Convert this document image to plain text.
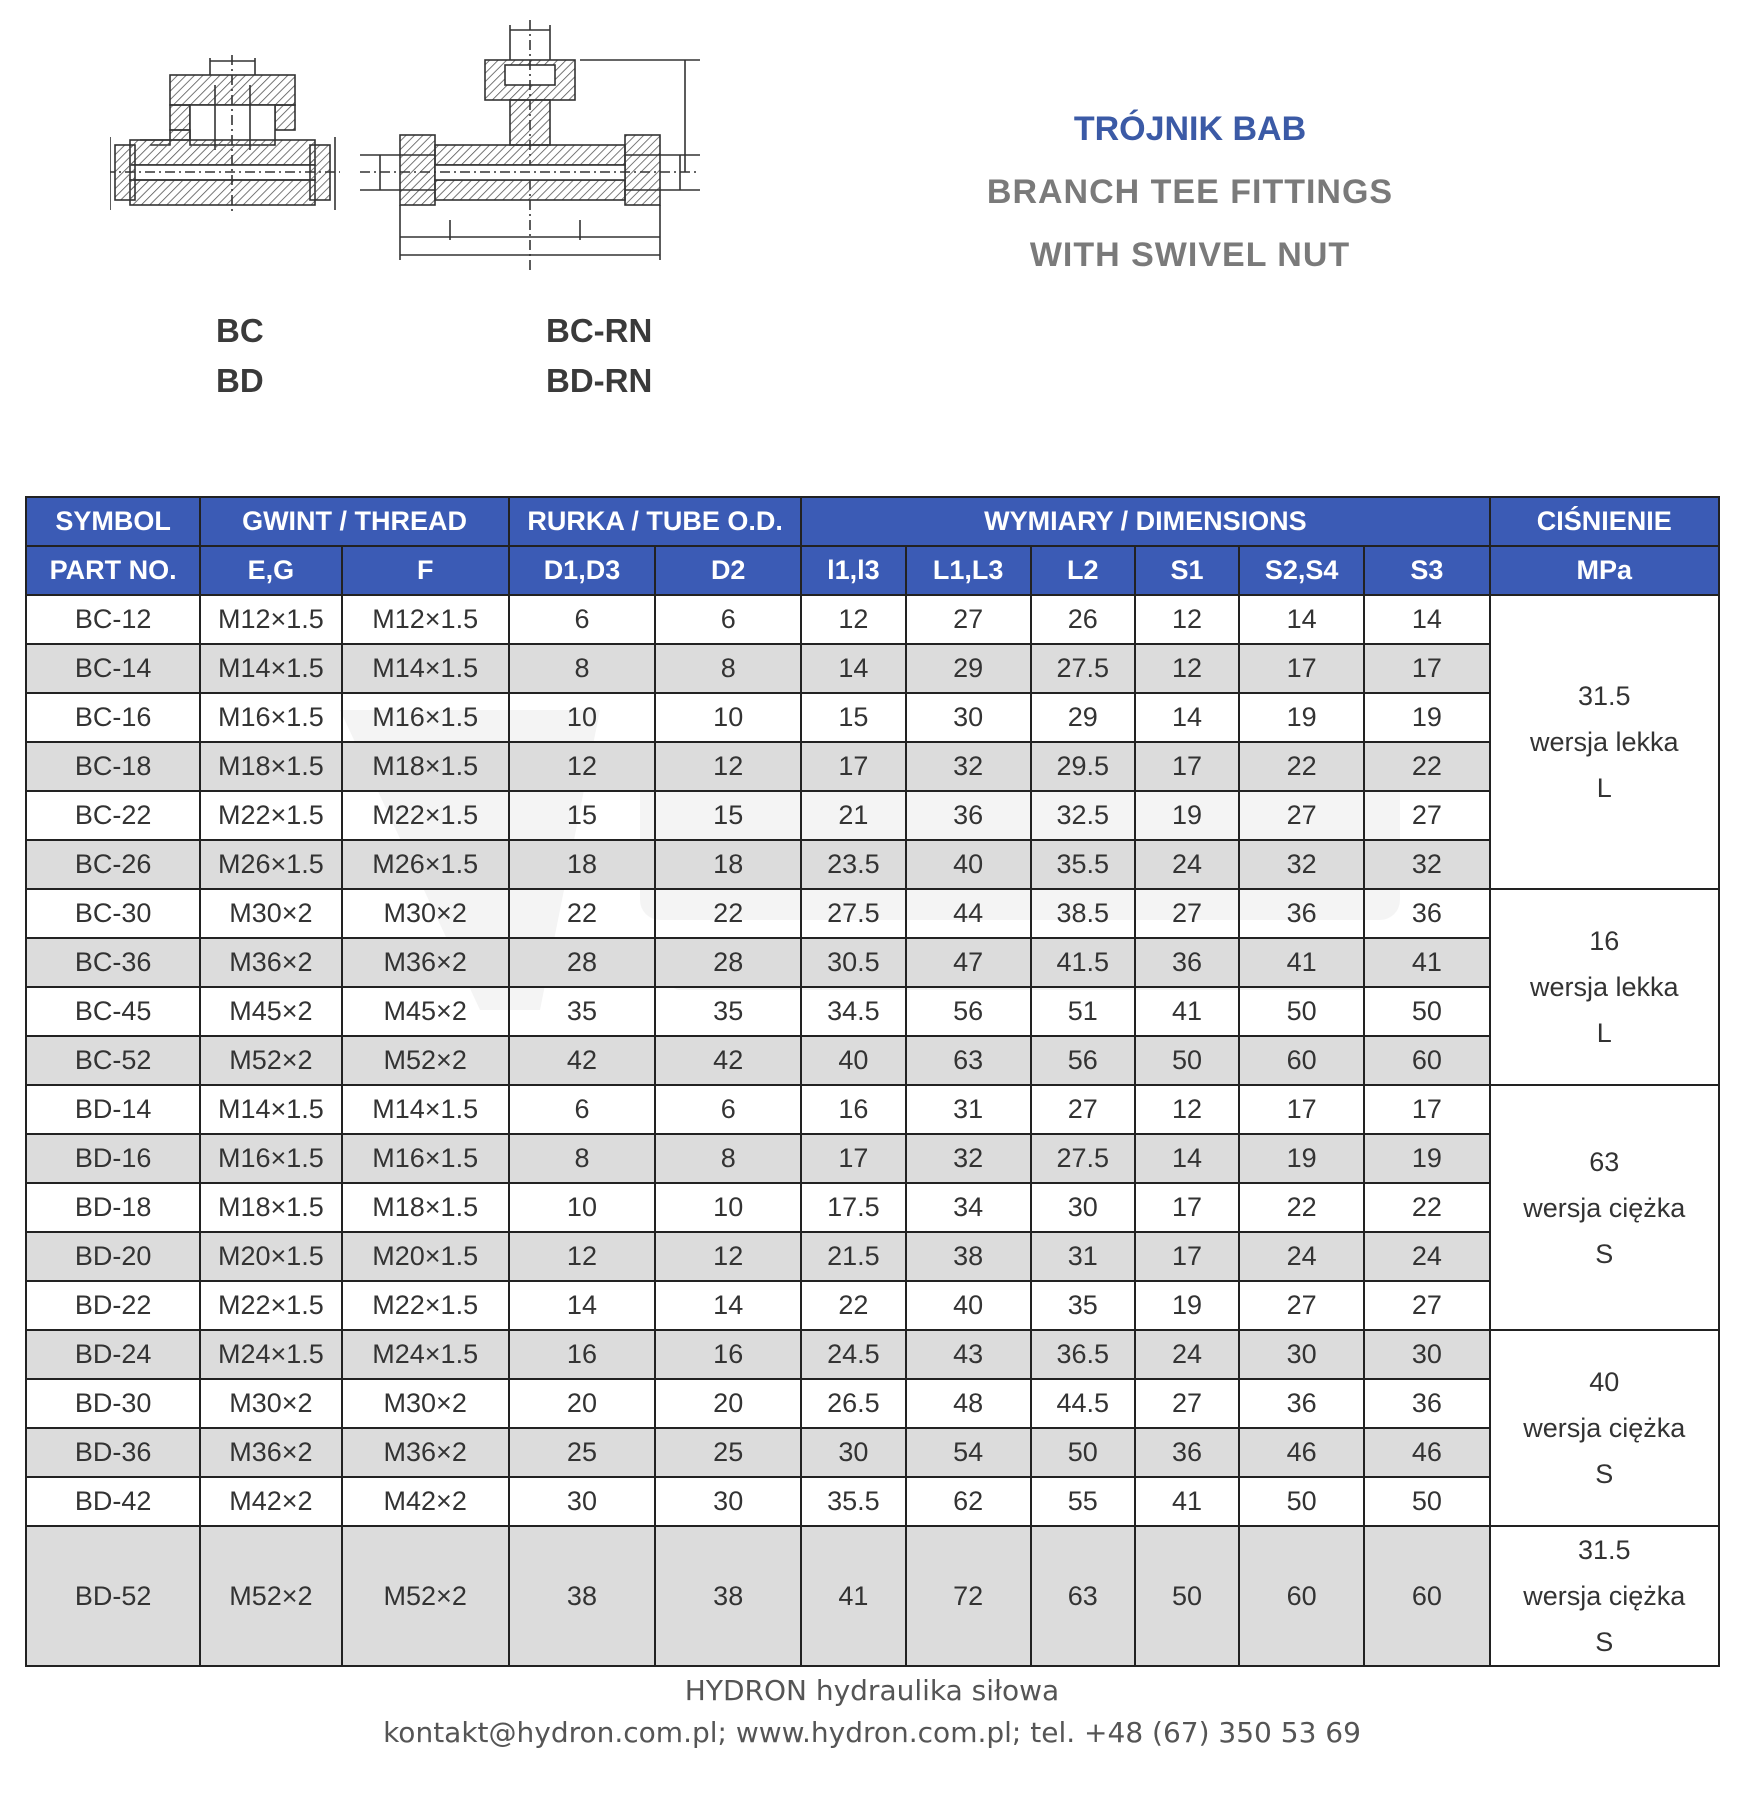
BC
BD
BC-RN
BD-RN
TRÓJNIK BAB
BRANCH TEE FITTINGS
WITH SWIVEL NUT
SYMBOL	GWINT / THREAD		RURKA / TUBE O.D.		WYMIARY / DIMENSIONS						CIŚNIENIE
PART NO.	E,G	F	D1,D3	D2	l1,l3	L1,L3	L2	S1	S2,S4	S3	MPa
BC-12	M12×1.5	M12×1.5	6	6	12	27	26	12	14	14	31.5
wersja lekka
L

BC-14	M14×1.5	M14×1.5	8	8	14	29	27.5	12	17	17	
BC-16	M16×1.5	M16×1.5	10	10	15	30	29	14	19	19	
BC-18	M18×1.5	M18×1.5	12	12	17	32	29.5	17	22	22	
BC-22	M22×1.5	M22×1.5	15	15	21	36	32.5	19	27	27	
BC-26	M26×1.5	M26×1.5	18	18	23.5	40	35.5	24	32	32	
BC-30	M30×2	M30×2	22	22	27.5	44	38.5	27	36	36	16
wersja lekka
L

BC-36	M36×2	M36×2	28	28	30.5	47	41.5	36	41	41	
BC-45	M45×2	M45×2	35	35	34.5	56	51	41	50	50	
BC-52	M52×2	M52×2	42	42	40	63	56	50	60	60	
BD-14	M14×1.5	M14×1.5	6	6	16	31	27	12	17	17	63
wersja ciężka
S

BD-16	M16×1.5	M16×1.5	8	8	17	32	27.5	14	19	19	
BD-18	M18×1.5	M18×1.5	10	10	17.5	34	30	17	22	22	
BD-20	M20×1.5	M20×1.5	12	12	21.5	38	31	17	24	24	
BD-22	M22×1.5	M22×1.5	14	14	22	40	35	19	27	27	
BD-24	M24×1.5	M24×1.5	16	16	24.5	43	36.5	24	30	30	40
wersja ciężka
S

BD-30	M30×2	M30×2	20	20	26.5	48	44.5	27	36	36	
BD-36	M36×2	M36×2	25	25	30	54	50	36	46	46	
BD-42	M42×2	M42×2	30	30	35.5	62	55	41	50	50	
BD-52	M52×2	M52×2	38	38	41	72	63	50	60	60	31.5
wersja ciężka
S
HYDRON hydraulika siłowa
kontakt@hydron.com.pl; www.hydron.com.pl; tel. +48 (67) 350 53 69
